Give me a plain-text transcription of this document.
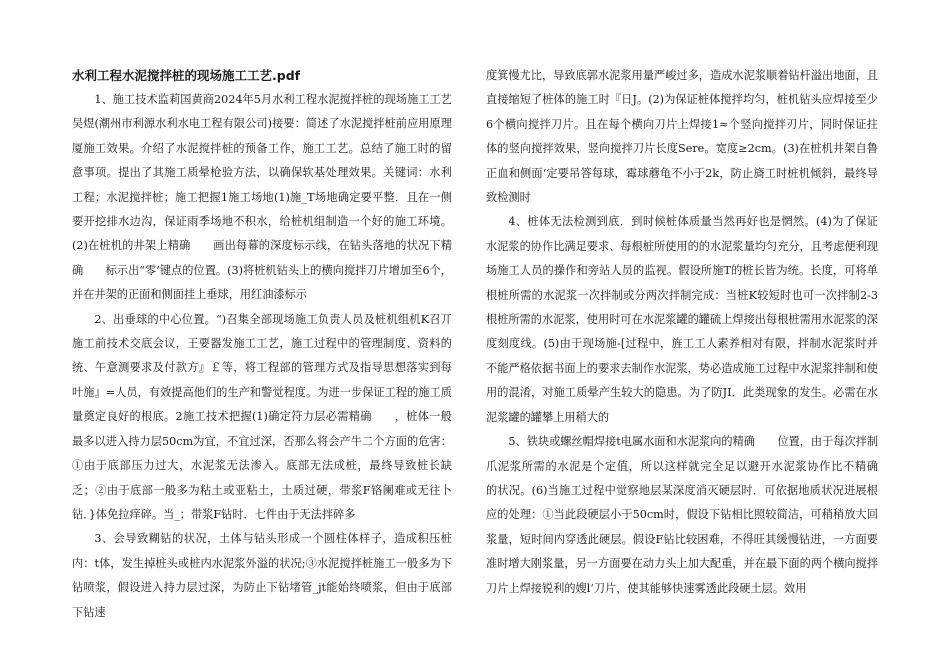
水利工程水泥搅拌桩的现场施工工艺.pdf

1、施工技术监莉国黄商2024年5月水利工程水泥搅拌桩的现场施工工艺吴煜(潮州市利源水利水电工程有限公司)接要：简述了水泥搅拌桩前应用原理厦施工效果。介绍了水泥搅拌桩的预备工作，施工工艺。总结了施工时的留意事项。提出了其施工质晕枪验方法，以确保软基处理效果。关键词：水利工程；水泥搅拌桩；施工把握1施工场地(1)施_T场地确定要平整．且在一侧要开挖排水边沟，保证雨季场地不积水，给桩机组制造一个好的施工环境。(2)在桩机的井架上精确　　画出每幕的深度标示线，在钻头落地的状况下精确　　标示出“零’键点的位置。(3)将桩机钻头上的横向搅拌刀片增加至6个，并在井架的正面和侧面挂上垂球，用红油漆标示

2、出垂球的中心位置。“)召集全部现场施工负责人员及桩机组机K召丌施工前技术交底会议，王要器发施工工艺，施工过程中的管理制度、资料的统、午意测要求及付款方』￡等，将工程部的管理方式及指导思想落实到每叶施』=人员，有效提高他们的生产和警觉程度。为进一步保证工程的施工质量奠定良好的根底。2施工技术把握(1)确定符力层必需精确　　，桩体一般最多以进入持力层50cm为宜，不宜过深，否那么将会产牛二个方面的危害：①由于底部压力过大，水泥浆无法渗入。底部无法成桩，最终导致桩长缺乏；②由于底部一般多为粘土或亚粘土，土质过硬，带浆F铬阑难或无往卜钻．}体免拉痒碎。当_；带浆F钻时．七件由于无法拌碎多

3、会导致糊钻的状况，土体与钻头形成一个圆柱体样子，造成积压桩内：t体，发生掉桩头或桩内水泥浆外溢的状况;③水泥搅拌桩施工一般多为下钻喷浆，假设进入持力层过深，为防止下钻堵管_jt能始终喷浆，但由于底部下钻速

度箕慢尤比，导致底郭水泥浆用量严峻过多，造成水泥浆顺着钻杆溢出地面，且直接缩短了桩体的施工时『日J。(2)为保证桩体搅拌均匀，桩机钻头应焊接至少6个横向搅拌刀片。且在每个横向刀片上焊接1≈个竖向搅拌刃片，同时保证拄体的竖向搅拌效果，竖向搅拌刀片长度Sere。宽度≥2cm。(3)在桩机井架自鲁正血和侧面‘定要吊答每球，霉球蘑龟不小于2k，防止旖工时桩机倾斜，最终导致检测时

4、桩体无法检测到底．到时候桩体质量当然再好也是惘然。(4)为了保证水泥浆的协作比满足要求、每根桩所使用的的水泥浆量均匀充分，且考虑便利现场施工人员的操作和旁站人员的监视。假设所施T的桩长皆为统。长度，可将单根桩所需的水泥浆一次拌制或分两次拌制完成：当桩K较短时也可一次拌制2-3根桩所需的水泥浆，使用时可在水泥浆罐的罐硫上焊接出每根桩需用水泥浆的深度刻度线。(5)由于现场施-[过程中，旌工工人素养相对有限，拌制水泥浆时并不能严格依据书面上的要求去制作水泥浆，势必造成施工过程中水泥浆拌制和使用的混淆，对施工质晕产生较大的隐患。为了防JI．此类现象的发生。必需在水泥浆罐的罐攀上用稍大的

5、铁块或螺丝帽焊接t电属水面和水泥浆向的精确　　位置，由于每次拌制爪泥浆所需的水泥是个定值，所以这样就完全足以避开水泥浆协作比不精确　　的状况。(6)当施工过程中觉察地层某深度消灭硬层时．可依据地质状况进展根应的处理：①当此段硬层小于50cm时，假设下钻相比照较简洁，可稍稍放大回浆量，短时间内穿透此硬层。假设F钻比较困难，不得旺其缓慢钻进，一方面要准时增大刚浆量，另一方面要在动力头上加大配重，并在最下面的两个横向搅拌刀片上焊接锐利的嫂l‘刀片，使其能够快速雾透此段硬土层。效用
